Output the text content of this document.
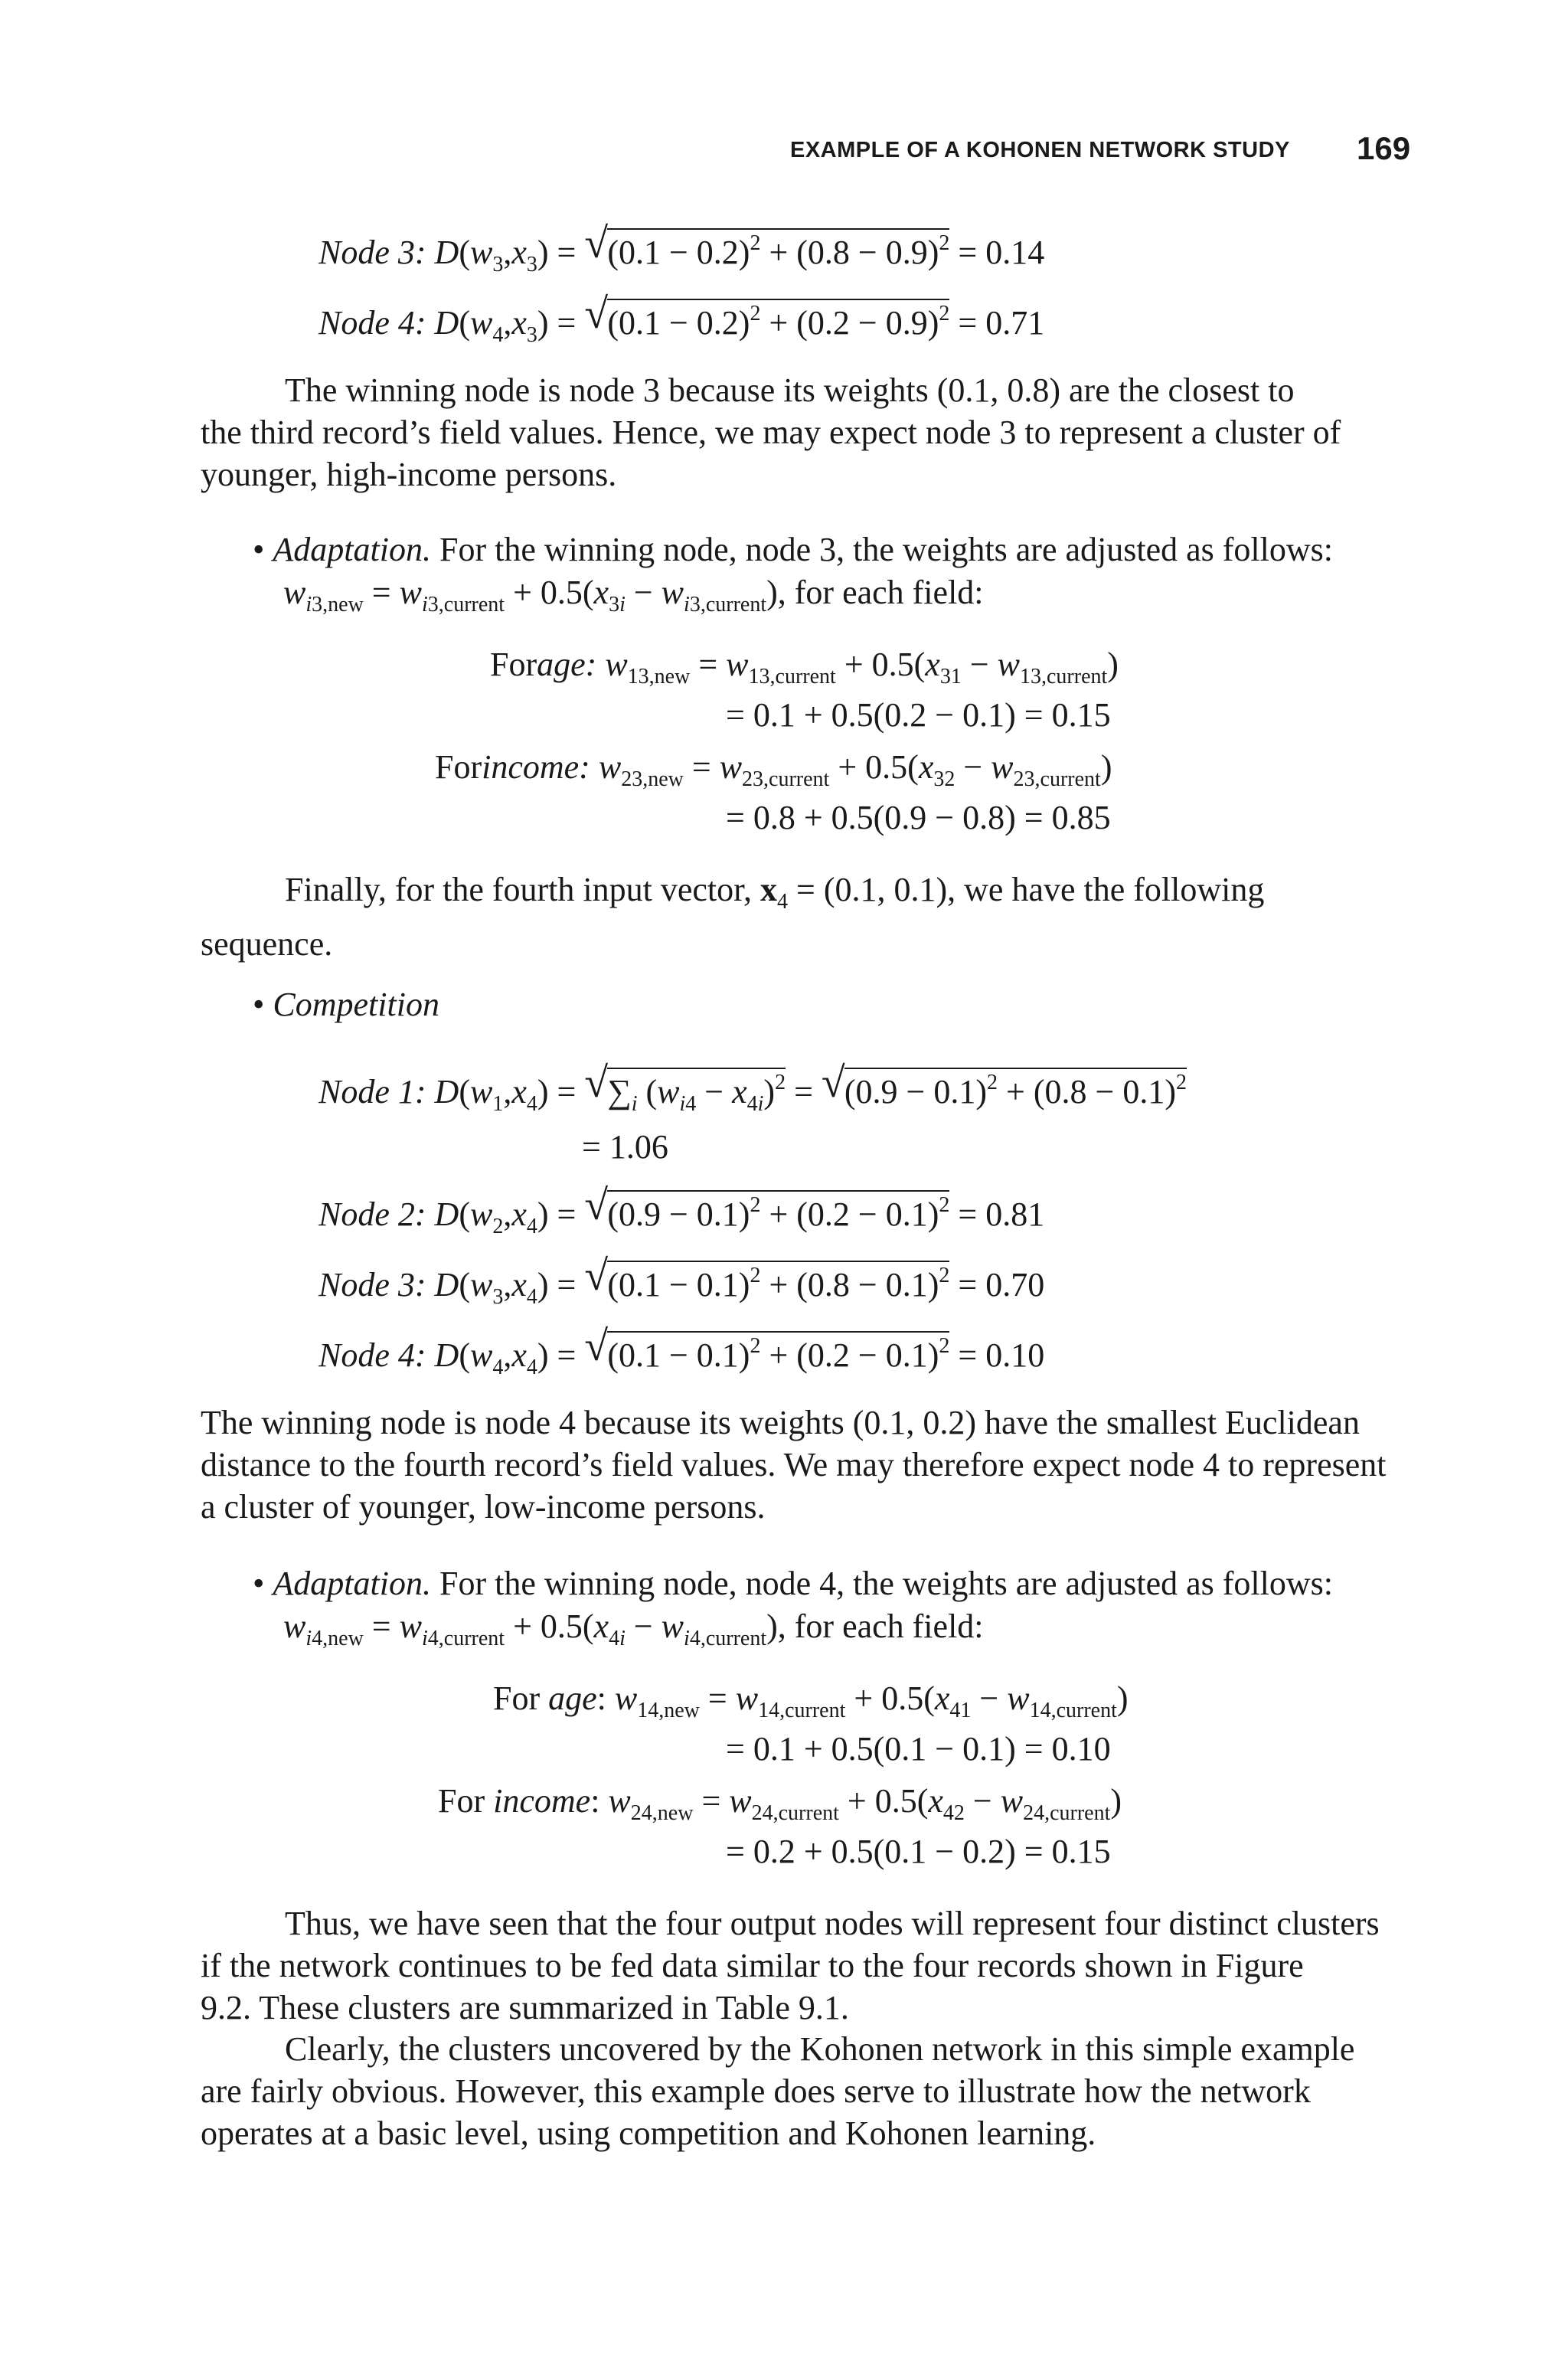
EXAMPLE OF A KOHONEN NETWORK STUDY 169
Node 3: $D(w_3,x_3)$ = √ $(0.1 - 0.2)^2 + (0.8 - 0.9)^2 = 0.14$
Node 4: $D(w_4,x_3)$ = √ $(0.1 - 0.2)^2 + (0.2 - 0.9)^2 = 0.71$
The winning node is node 3 because its weights (0.1, 0.8) are the closest to
the third record’s field values. Hence, we may expect node 3 to represent a cluster of
younger, high-income persons.
• Adaptation. For the winning node, node 3, the weights are adjusted as follows:
$w_{i3,new} = w_{i3,current} + 0.5(x_{3i} - w_{i3,current})$, for each field:
Forage: $w_{13,new} = w_{13,current} + 0.5(x_{31} - w_{13,current})$
= 0.1 + 0.5(0.2 − 0.1) = 0.15
Forincome: $w_{23,new} = w_{23,current} + 0.5(x_{32} - w_{23,current})$
= 0.8 + 0.5(0.9 − 0.8) = 0.85
Finally, for the fourth input vector, $x_4 = (0.1$, 0.1), we have the following
sequence.
• Competition
Node 1: $D(w_1,x_4)$ = √ $\sum_i$ $(w_{i4} - x_{4i})^2$ = √ $(0.9 - 0.1)^2 + (0.8 - 0.1)^2$
= 1.06
Node 2: $D(w_2,x_4)$ = √ $(0.9 - 0.1)^2 + (0.2 - 0.1)^2 = 0.81$
Node 3: $D(w_3,x_4)$ = √ $(0.1 - 0.1)^2 + (0.8 - 0.1)^2 = 0.70$
Node 4: $D(w_4,x_4)$ = √ $(0.1 - 0.1)^2 + (0.2 - 0.1)^2 = 0.10$
The winning node is node 4 because its weights (0.1, 0.2) have the smallest Euclidean
distance to the fourth record’s field values. We may therefore expect node 4 to represent
a cluster of younger, low-income persons.
• Adaptation. For the winning node, node 4, the weights are adjusted as follows:
$w_{i4,new} = w_{i4,current} + 0.5(x_{4i} - w_{i4,current})$, for each field:
For age: $w_{14,new} = w_{14,current} + 0.5(x_{41} - w_{14,current})$
= 0.1 + 0.5(0.1 − 0.1) = 0.10
For income: $w_{24,new} = w_{24,current} + 0.5(x_{42} - w_{24,current})$
= 0.2 + 0.5(0.1 − 0.2) = 0.15
Thus, we have seen that the four output nodes will represent four distinct clusters
if the network continues to be fed data similar to the four records shown in Figure
9.2. These clusters are summarized in Table 9.1.
Clearly, the clusters uncovered by the Kohonen network in this simple example
are fairly obvious. However, this example does serve to illustrate how the network
operates at a basic level, using competition and Kohonen learning.
